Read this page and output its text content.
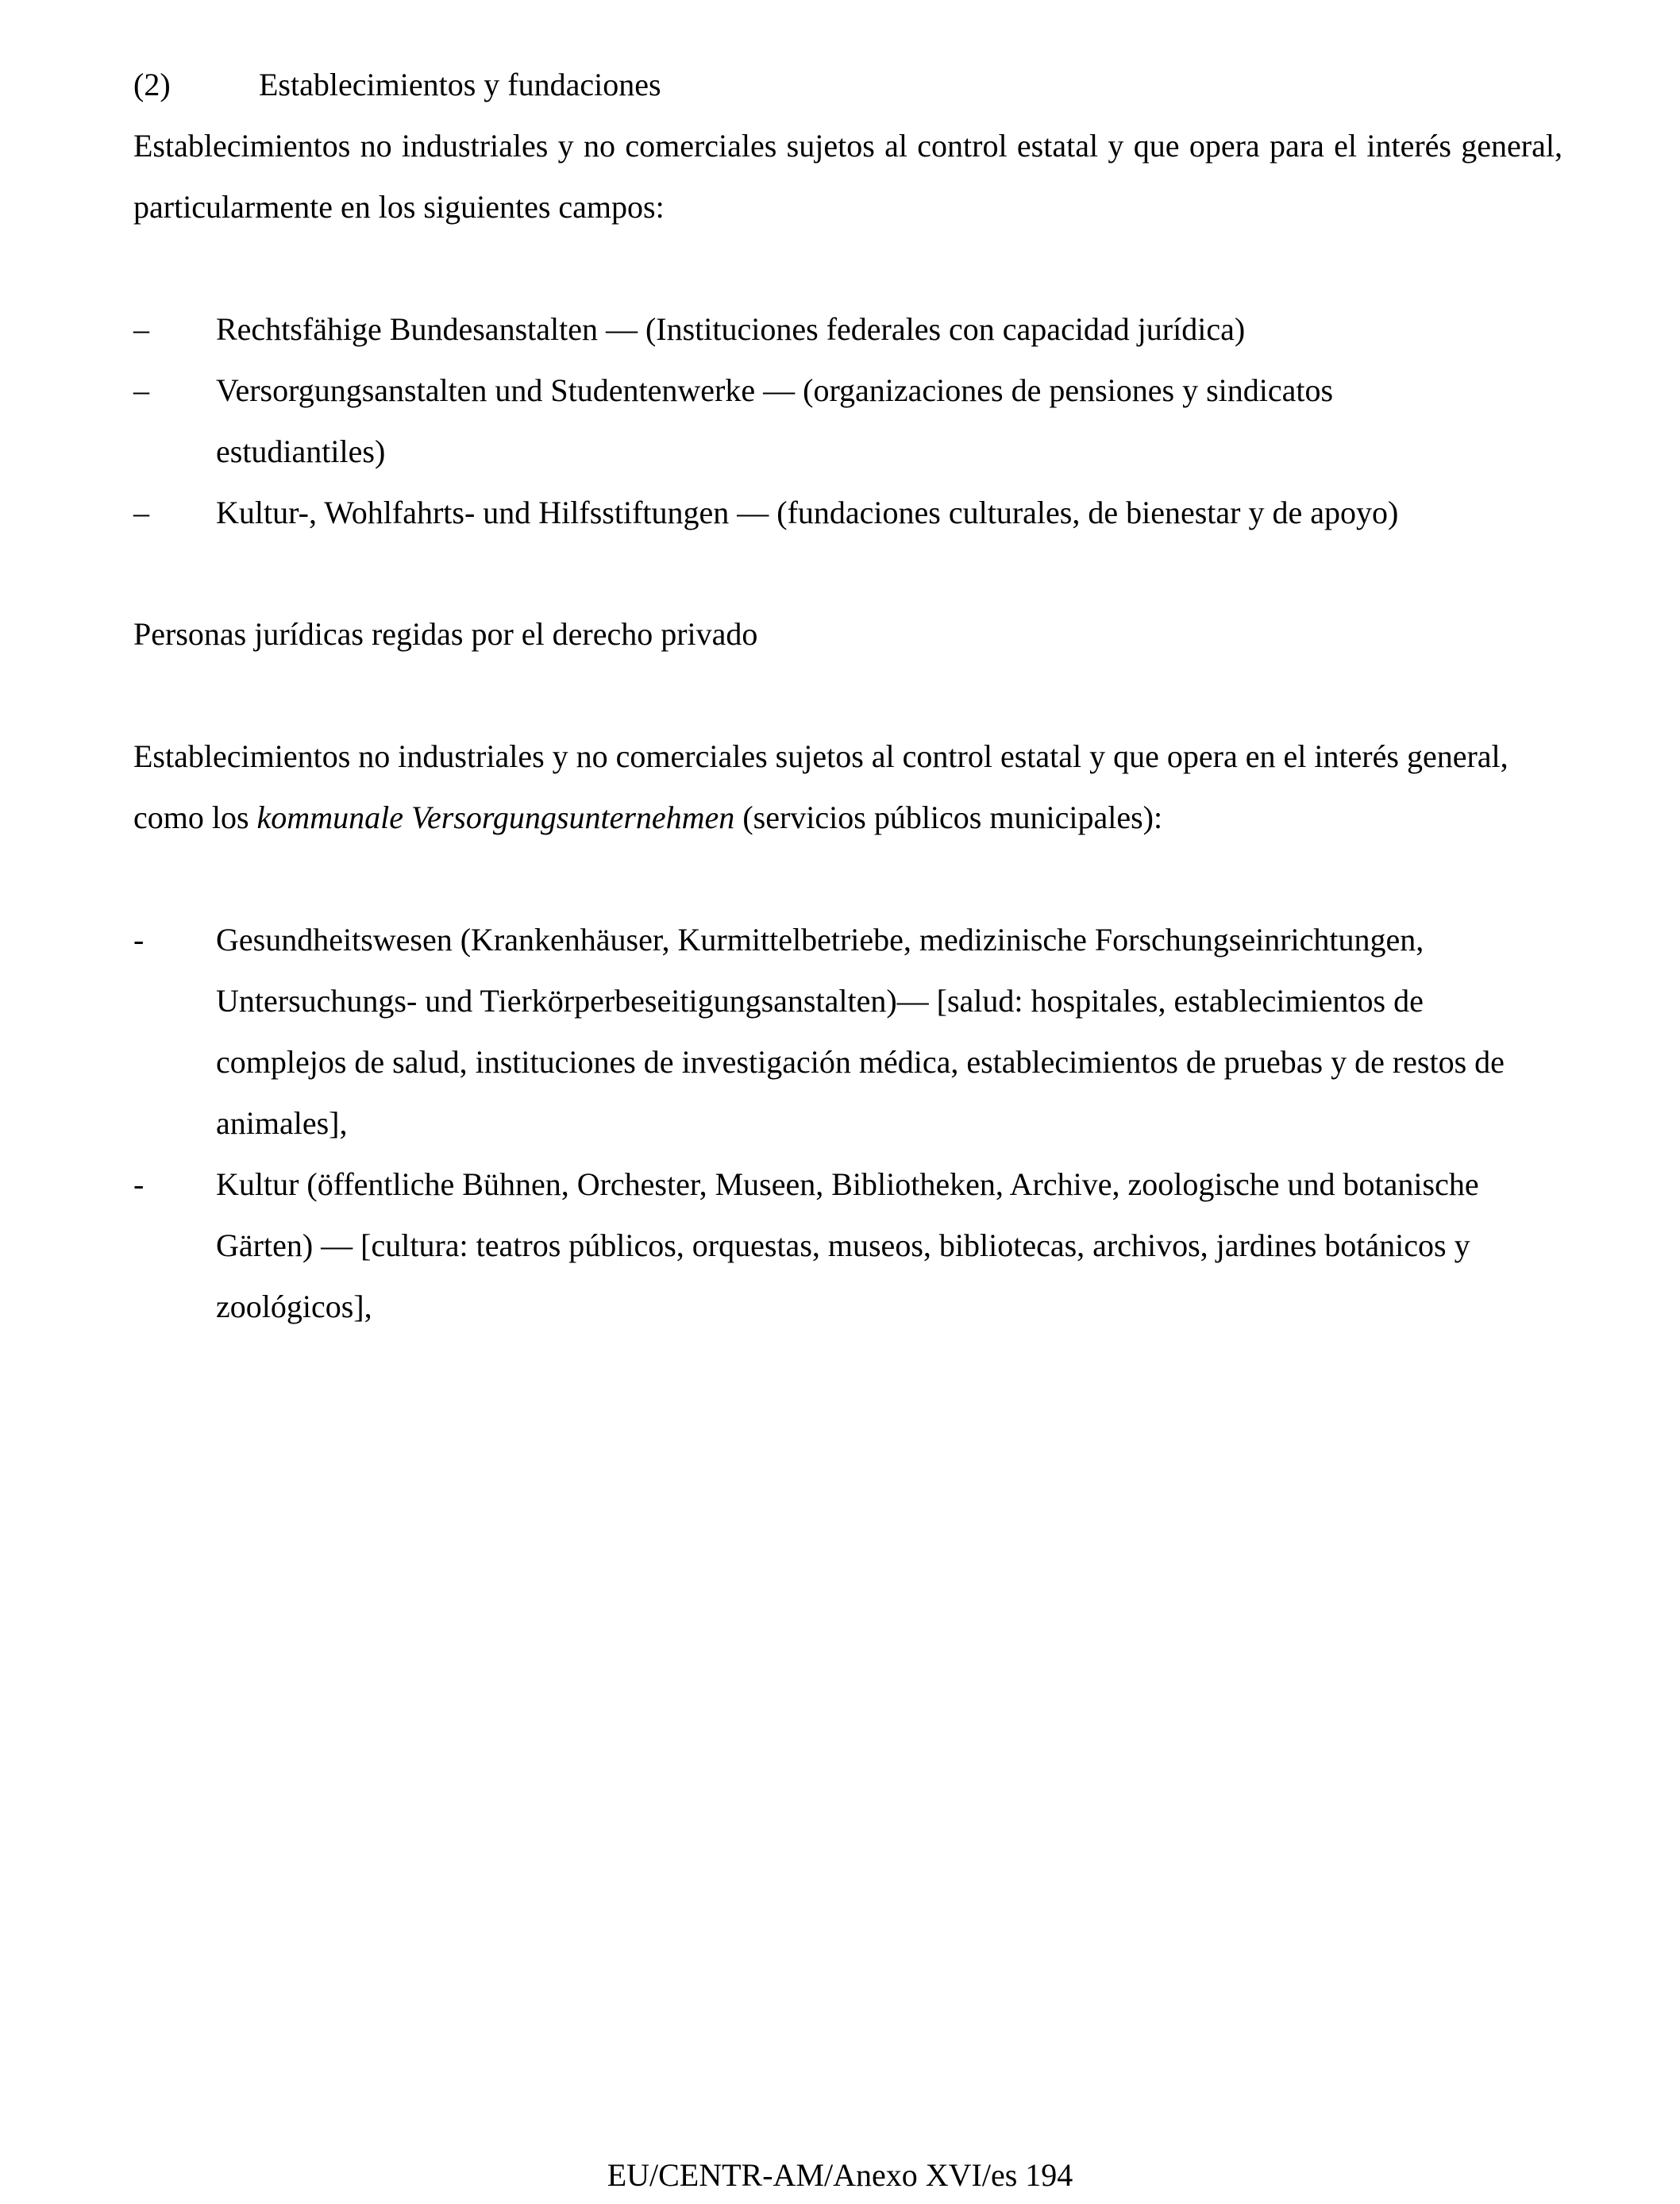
(2)	Establecimientos y fundaciones
Establecimientos no industriales y no comerciales sujetos al control estatal y que opera para el interés general, particularmente en los siguientes campos:
– Rechtsfähige Bundesanstalten — (Instituciones federales con capacidad jurídica)
– Versorgungsanstalten und Studentenwerke — (organizaciones de pensiones y sindicatos estudiantiles)
– Kultur-, Wohlfahrts- und Hilfsstiftungen — (fundaciones culturales, de bienestar y de apoyo)
Personas jurídicas regidas por el derecho privado
Establecimientos no industriales y no comerciales sujetos al control estatal y que opera en el interés general, como los kommunale Versorgungsunternehmen (servicios públicos municipales):
- Gesundheitswesen (Krankenhäuser, Kurmittelbetriebe, medizinische Forschungseinrichtungen, Untersuchungs- und Tierkörperbeseitigungsanstalten)— [salud: hospitales, establecimientos de complejos de salud, instituciones de investigación médica, establecimientos de pruebas y de restos de animales],
- Kultur (öffentliche Bühnen, Orchester, Museen, Bibliotheken, Archive, zoologische und botanische Gärten) — [cultura: teatros públicos, orquestas, museos, bibliotecas, archivos, jardines botánicos y zoológicos],
EU/CENTR-AM/Anexo XVI/es 194
